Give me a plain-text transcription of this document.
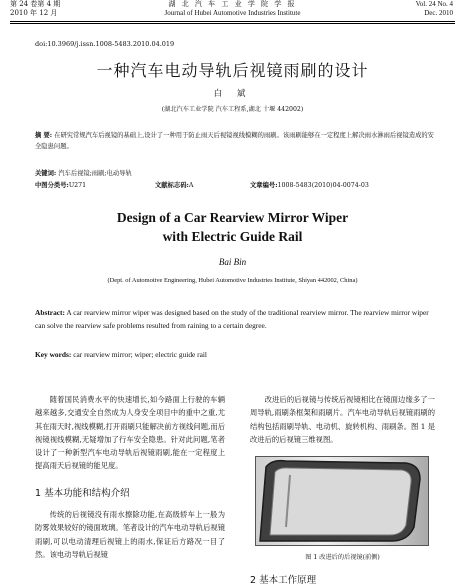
第 24 卷第 4 期
2010 年 12 月
湖 北 汽 车 工 业 学 院 学 报
Journal of Hubei Automotive Industries Institute
Vol. 24 No. 4
Dec. 2010
doi:10.3969/j.issn.1008-5483.2010.04.019
一种汽车电动导轨后视镜雨刷的设计
白 斌
(湖北汽车工业学院 汽车工程系,湖北 十堰 442002)
摘 要: 在研究常规汽车后视镜的基础上,设计了一种用于防止雨天后视镜视线模糊的雨刷。该雨刷能够在一定程度上解决雨水淋雨后视镜造成的安全隐患问题。
关键词: 汽车后视镜;雨刷;电动导轨
中图分类号:U271	文献标志码:A	文章编号:1008-5483(2010)04-0074-03
Design of a Car Rearview Mirror Wiper
with Electric Guide Rail
Bai Bin
(Dept. of Automotive Engineering, Hubei Automotive Industries Institute, Shiyan 442002, China)
Abstract: A car rearview mirror wiper was designed based on the study of the traditional rearview mirror. The rearview mirror wiper can solve the rearview safe problems resulted from raining to a certain degree.
Key words: car rearview mirror; wiper; electric guide rail
随着国民消费水平的快速增长,如今路面上行驶的车辆越来越多,交通安全自然成为人身安全项目中的重中之重,尤其在雨天时,视线模糊,打开雨刷只能解决前方视线问题,而后视镜视线模糊,无疑增加了行车安全隐患。针对此问题,笔者设计了一种新型汽车电动导轨后视镜雨刷,能在一定程度上提高雨天后视镜的能见度。
1 基本功能和结构介绍
传统的后视镜没有雨水擦除功能,在高级轿车上一般为防雾效果较好的镜面玻璃。笔者设计的汽车电动导轨后视镜雨刷,可以电动清理后视镜上的雨水,保证后方路况一目了然。该电动导轨后视镜
改进后的后视镜与传统后视镜相比在镜面边缘多了一周导轨,雨刷条框架和雨刷片。汽车电动导轨后视镜雨刷的结构包括雨刷导轨、电动机、旋转机构、雨刷条。图 1 是改进后的后视镜三维视图。
图 1 改进后的后视镜(前侧)
2 基本工作原理
